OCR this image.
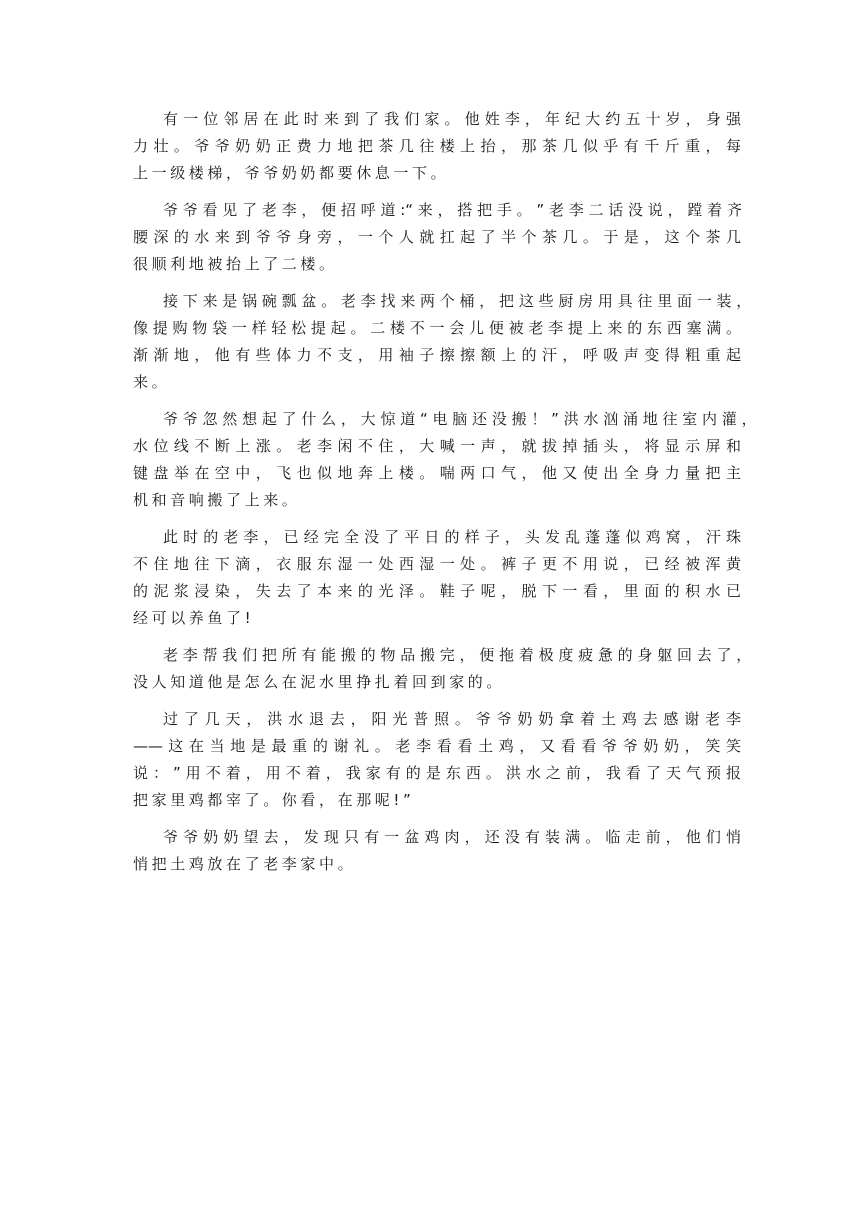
有 一 位 邻 居 在 此 时 来 到 了 我 们 家 。 他 姓 李 ， 年 纪 大 约 五 十 岁 ， 身 强
力 壮 。 爷 爷 奶 奶 正 费 力 地 把 茶 几 往 楼 上 抬 ， 那 茶 几 似 乎 有 千 斤 重 ， 每
上一级楼梯，爷爷奶奶都要休息一下。
爷 爷 看 见 了 老 李 ， 便 招 呼 道 :“ 来 ， 搭 把 手 。 ” 老 李 二 话 没 说 ， 蹚 着 齐
腰 深 的 水 来 到 爷 爷 身 旁 ， 一 个 人 就 扛 起 了 半 个 茶 几 。 于 是 ， 这 个 茶 几
很顺利地被抬上了二楼。
接 下 来 是 锅 碗 瓢 盆 。 老 李 找 来 两 个 桶 ， 把 这 些 厨 房 用 具 往 里 面 一 装 ，
像 提 购 物 袋 一 样 轻 松 提 起 。 二 楼 不 一 会 儿 便 被 老 李 提 上 来 的 东 西 塞 满 。
渐 渐 地 ， 他 有 些 体 力 不 支 ， 用 袖 子 擦 擦 额 上 的 汗 ， 呼 吸 声 变 得 粗 重 起
来。
爷 爷 忽 然 想 起 了 什 么 ， 大 惊 道 “ 电 脑 还 没 搬 ！ ” 洪 水 汹 涌 地 往 室 内 灌 ，
水 位 线 不 断 上 涨 。 老 李 闲 不 住 ， 大 喊 一 声 ， 就 拔 掉 插 头 ， 将 显 示 屏 和
键 盘 举 在 空 中 ， 飞 也 似 地 奔 上 楼 。 喘 两 口 气 ， 他 又 使 出 全 身 力 量 把 主
机和音响搬了上来。
此 时 的 老 李 ， 已 经 完 全 没 了 平 日 的 样 子 ， 头 发 乱 蓬 蓬 似 鸡 窝 ， 汗 珠
不 住 地 往 下 滴 ， 衣 服 东 湿 一 处 西 湿 一 处 。 裤 子 更 不 用 说 ， 已 经 被 浑 黄
的 泥 浆 浸 染 ， 失 去 了 本 来 的 光 泽 。 鞋 子 呢 ， 脱 下 一 看 ， 里 面 的 积 水 已
经可以养鱼了!
老 李 帮 我 们 把 所 有 能 搬 的 物 品 搬 完 ， 便 拖 着 极 度 疲 惫 的 身 躯 回 去 了 ，
没人知道他是怎么在泥水里挣扎着回到家的。
过 了 几 天 ， 洪 水 退 去 ， 阳 光 普 照 。 爷 爷 奶 奶 拿 着 土 鸡 去 感 谢 老 李
—— 这 在 当 地 是 最 重 的 谢 礼 。 老 李 看 看 土 鸡 ， 又 看 看 爷 爷 奶 奶 ， 笑 笑
说 ： ” 用 不 着 ， 用 不 着 ， 我 家 有 的 是 东 西 。 洪 水 之 前 ， 我 看 了 天 气 预 报
把家里鸡都宰了。你看，在那呢!”
爷 爷 奶 奶 望 去 ， 发 现 只 有 一 盆 鸡 肉 ， 还 没 有 装 满 。 临 走 前 ， 他 们 悄
悄把土鸡放在了老李家中。
